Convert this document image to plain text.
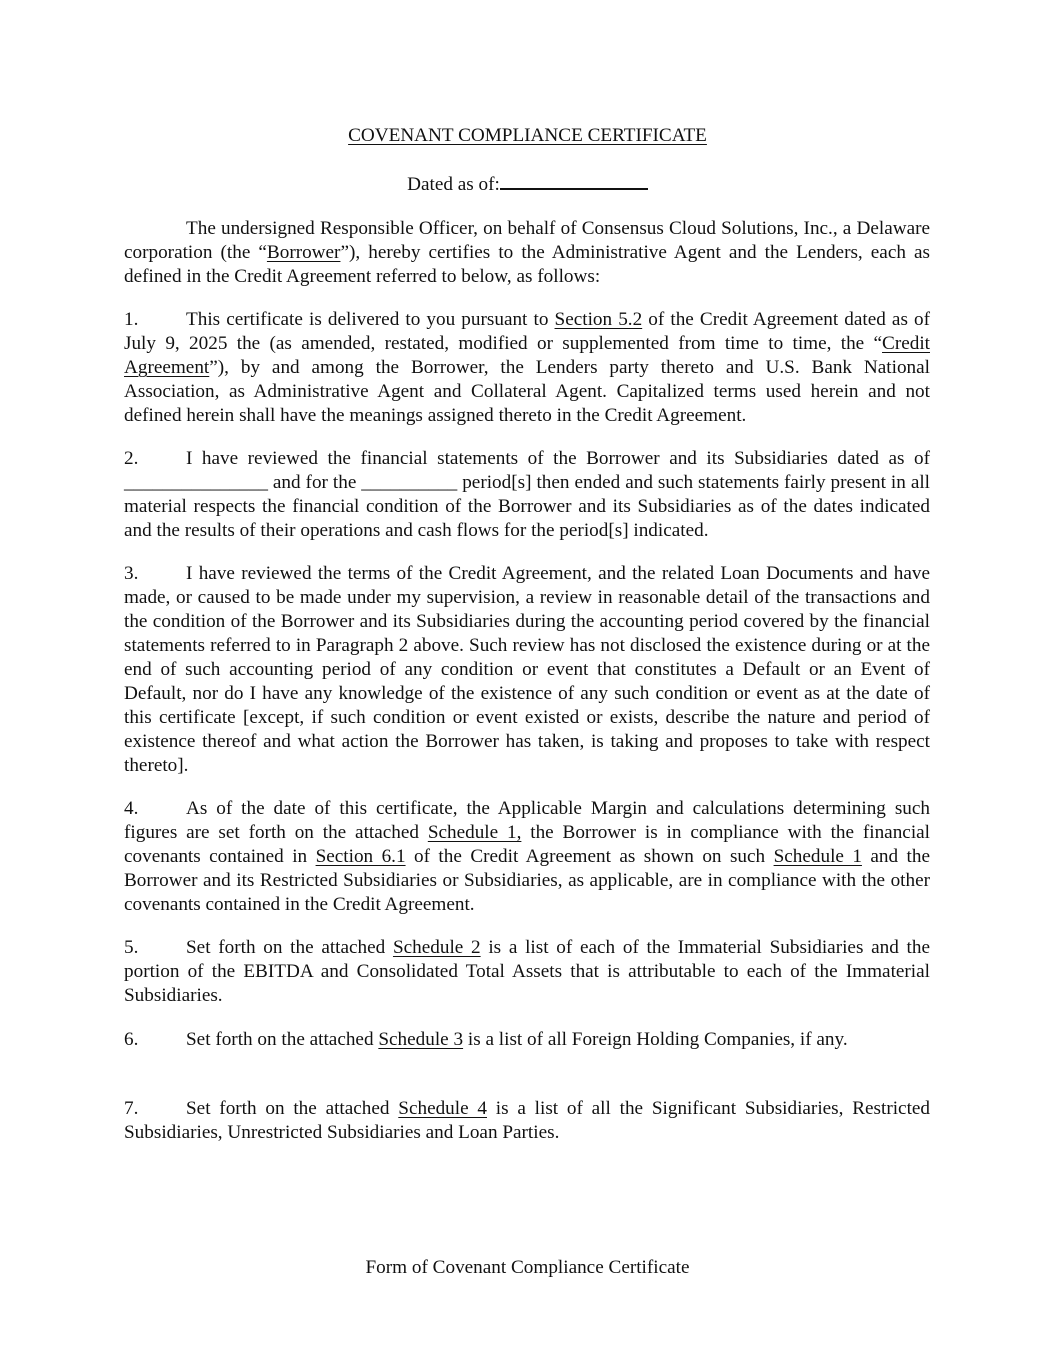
COVENANT COMPLIANCE CERTIFICATE
Dated as of:

The undersigned Responsible Officer, on behalf of Consensus Cloud Solutions, Inc., a Delaware corporation (the “Borrower”), hereby certifies to the Administrative Agent and the Lenders, each as defined in the Credit Agreement referred to below, as follows:

1. This certificate is delivered to you pursuant to Section 5.2 of the Credit Agreement dated as of July 9, 2025 the (as amended, restated, modified or supplemented from time to time, the “Credit Agreement”), by and among the Borrower, the Lenders party thereto and U.S. Bank National Association, as Administrative Agent and Collateral Agent. Capitalized terms used herein and not defined herein shall have the meanings assigned thereto in the Credit Agreement.

2. I have reviewed the financial statements of the Borrower and its Subsidiaries dated as of _______________ and for the __________ period[s] then ended and such statements fairly present in all material respects the financial condition of the Borrower and its Subsidiaries as of the dates indicated and the results of their operations and cash flows for the period[s] indicated.

3. I have reviewed the terms of the Credit Agreement, and the related Loan Documents and have made, or caused to be made under my supervision, a review in reasonable detail of the transactions and the condition of the Borrower and its Subsidiaries during the accounting period covered by the financial statements referred to in Paragraph 2 above. Such review has not disclosed the existence during or at the end of such accounting period of any condition or event that constitutes a Default or an Event of Default, nor do I have any knowledge of the existence of any such condition or event as at the date of this certificate [except, if such condition or event existed or exists, describe the nature and period of existence thereof and what action the Borrower has taken, is taking and proposes to take with respect thereto].

4. As of the date of this certificate, the Applicable Margin and calculations determining such figures are set forth on the attached Schedule 1, the Borrower is in compliance with the financial covenants contained in Section 6.1 of the Credit Agreement as shown on such Schedule 1 and the Borrower and its Restricted Subsidiaries or Subsidiaries, as applicable, are in compliance with the other covenants contained in the Credit Agreement.

5. Set forth on the attached Schedule 2 is a list of each of the Immaterial Subsidiaries and the portion of the EBITDA and Consolidated Total Assets that is attributable to each of the Immaterial Subsidiaries.

6. Set forth on the attached Schedule 3 is a list of all Foreign Holding Companies, if any.

7. Set forth on the attached Schedule 4 is a list of all the Significant Subsidiaries, Restricted Subsidiaries, Unrestricted Subsidiaries and Loan Parties.

Form of Covenant Compliance Certificate
